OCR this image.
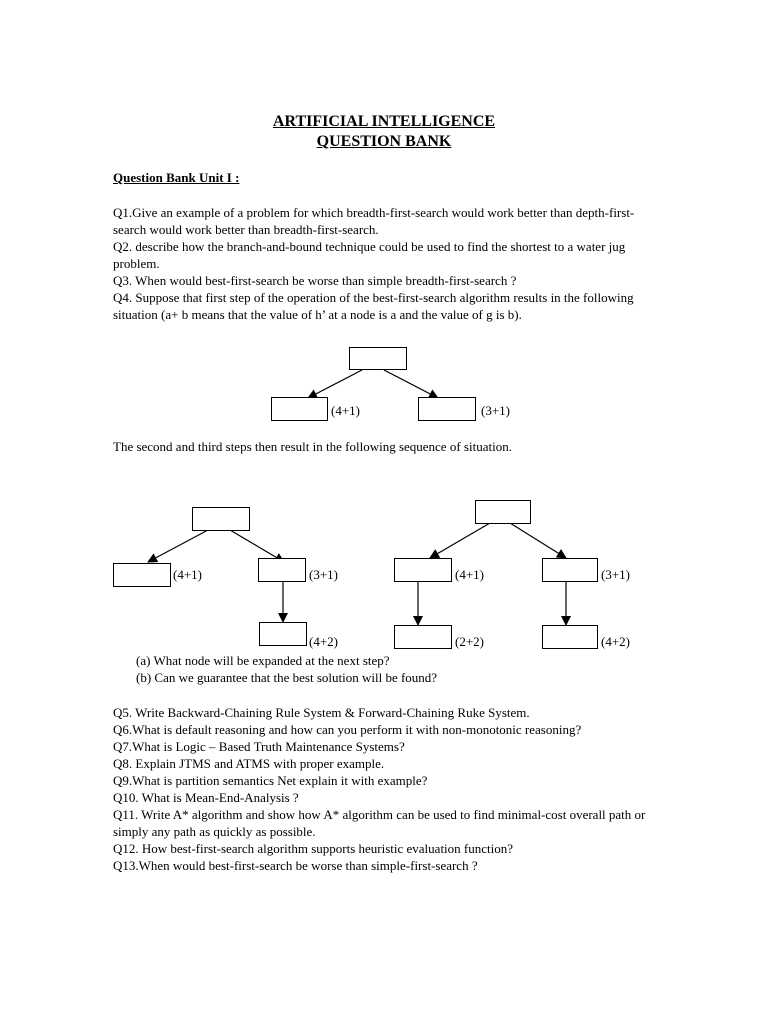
ARTIFICIAL INTELLIGENCE
QUESTION BANK
Question Bank Unit I :
Q1.Give an example of a problem for which breadth-first-search would work better than depth-first-search would work better than breadth-first-search.
Q2. describe how the branch-and-bound technique could be used to find the shortest to a water jug problem.
Q3. When would best-first-search be worse than simple breadth-first-search ?
Q4. Suppose that first step of the operation of the best-first-search algorithm results in the following situation (a+ b means that the value of h’ at a node is a and the value of g is b).
(4+1)	(3+1)
The second and third steps then result in the following sequence of situation.
(4+1)	(3+1)
(4+2)
(4+1)	(3+1)
(2+2)	(4+2)
(a) What node will be expanded at the next step?
(b) Can we guarantee that the best solution will be found?
Q5. Write Backward-Chaining Rule System & Forward-Chaining Ruke System.
Q6.What is default reasoning and how can you perform it with non-monotonic reasoning?
Q7.What is Logic – Based Truth Maintenance Systems?
Q8. Explain JTMS and ATMS with proper example.
Q9.What is partition semantics Net explain it with example?
Q10. What is Mean-End-Analysis ?
Q11. Write A* algorithm and show how A* algorithm can be used to find minimal-cost overall path or simply any path as quickly as possible.
Q12. How best-first-search algorithm supports heuristic evaluation function?
Q13.When would best-first-search be worse than simple-first-search ?
